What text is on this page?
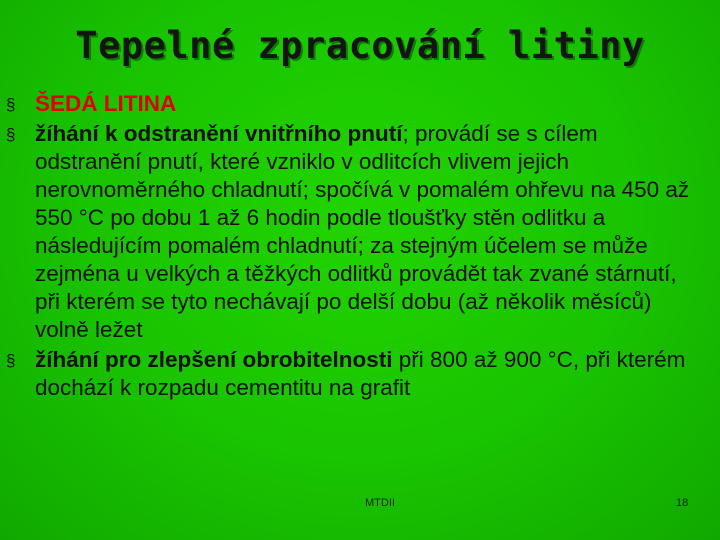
Tepelné zpracování litiny
§ ŠEDÁ LITINA
§ žíhání k odstranění vnitřního pnutí; provádí se s cílem odstranění pnutí, které vzniklo v odlitcích vlivem jejich nerovnoměrného chladnutí; spočívá v pomalém ohřevu na 450 až 550 °C po dobu 1 až 6 hodin podle tloušťky stěn odlitku a následujícím pomalém chladnutí; za stejným účelem se může zejména u velkých a těžkých odlitků provádět tak zvané stárnutí, při kterém se tyto nechávají po delší dobu (až několik měsíců) volně ležet
§ žíhání pro zlepšení obrobitelnosti při 800 až 900 °C, při kterém dochází k rozpadu cementitu na grafit
MTDII	18
